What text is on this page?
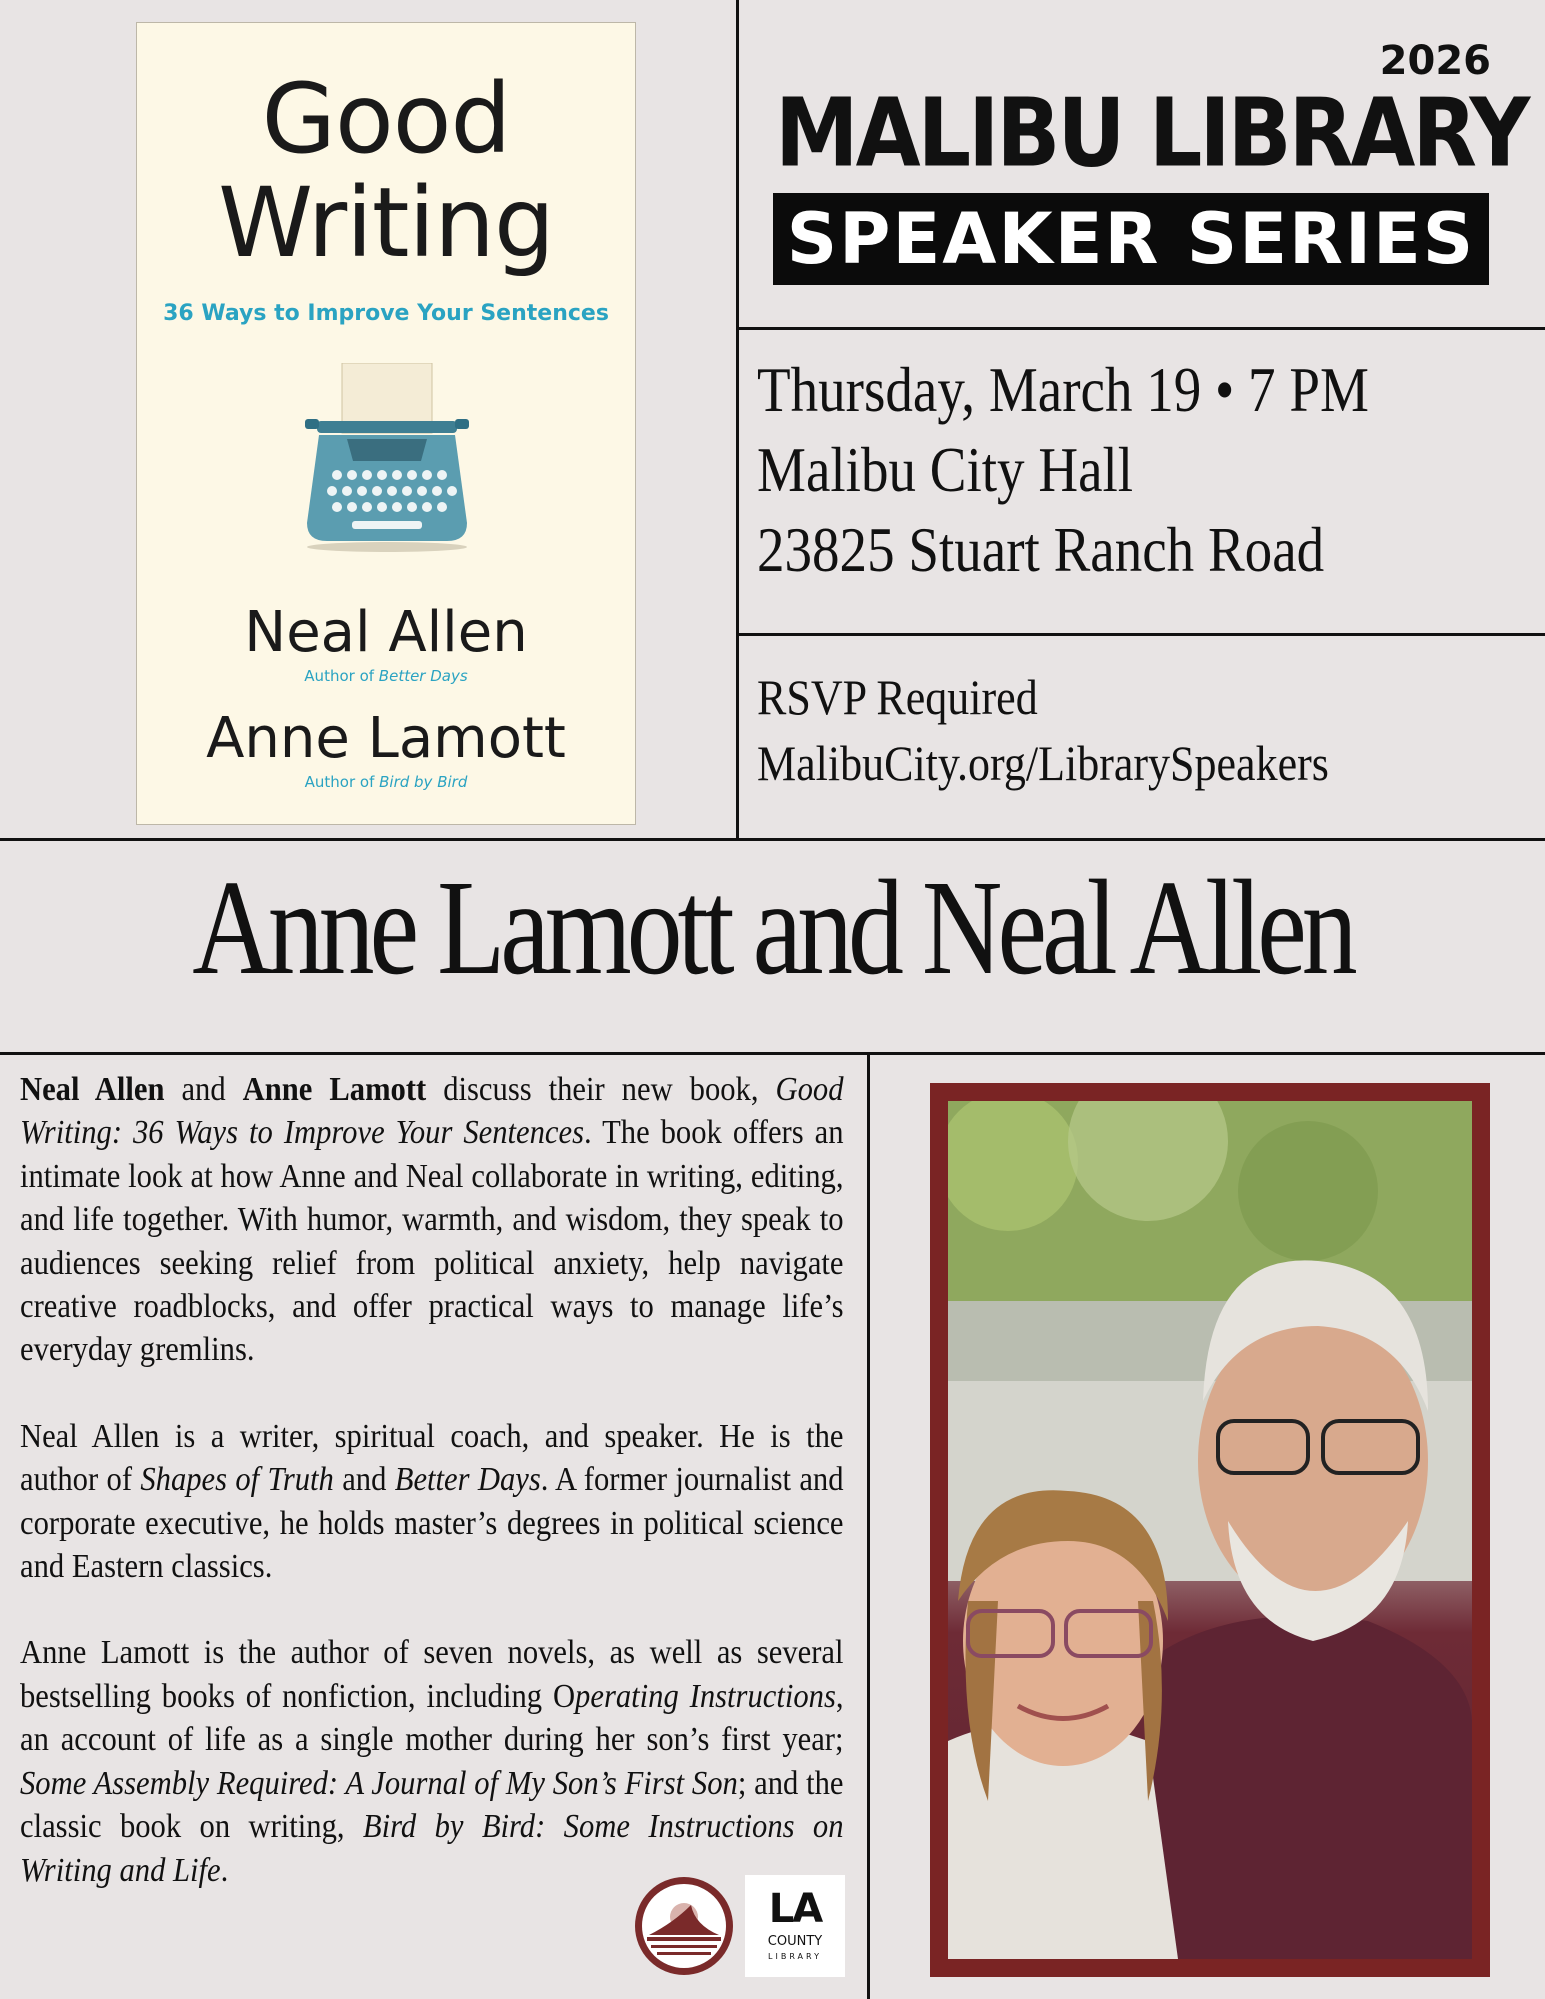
Good
Writing
36 Ways to Improve Your Sentences
Neal Allen
Author of Better Days
Anne Lamott
Author of Bird by Bird
2026
MALIBU LIBRARY
SPEAKER SERIES
Thursday, March 19 • 7 PM
Malibu City Hall
23825 Stuart Ranch Road
RSVP Required
MalibuCity.org/LibrarySpeakers
Anne Lamott and Neal Allen

Neal Allen and Anne Lamott discuss their new book, Good Writing: 36 Ways to Improve Your Sentences. The book offers an intimate look at how Anne and Neal collaborate in writing, editing, and life together. With humor, warmth, and wisdom, they speak to audiences seeking relief from political anxiety, help navigate creative roadblocks, and offer practical ways to manage life’s everyday gremlins.

Neal Allen is a writer, spiritual coach, and speaker. He is the author of Shapes of Truth and Better Days. A former journalist and corporate executive, he holds master’s degrees in political science and Eastern classics.

Anne Lamott is the author of seven novels, as well as several bestselling books of nonfiction, including Operating Instructions, an account of life as a single mother during her son’s first year; Some Assembly Required: A Journal of My Son’s First Son; and the classic book on writing, Bird by Bird: Some Instructions on Writing and Life.

LA
COUNTY
LIBRARY
